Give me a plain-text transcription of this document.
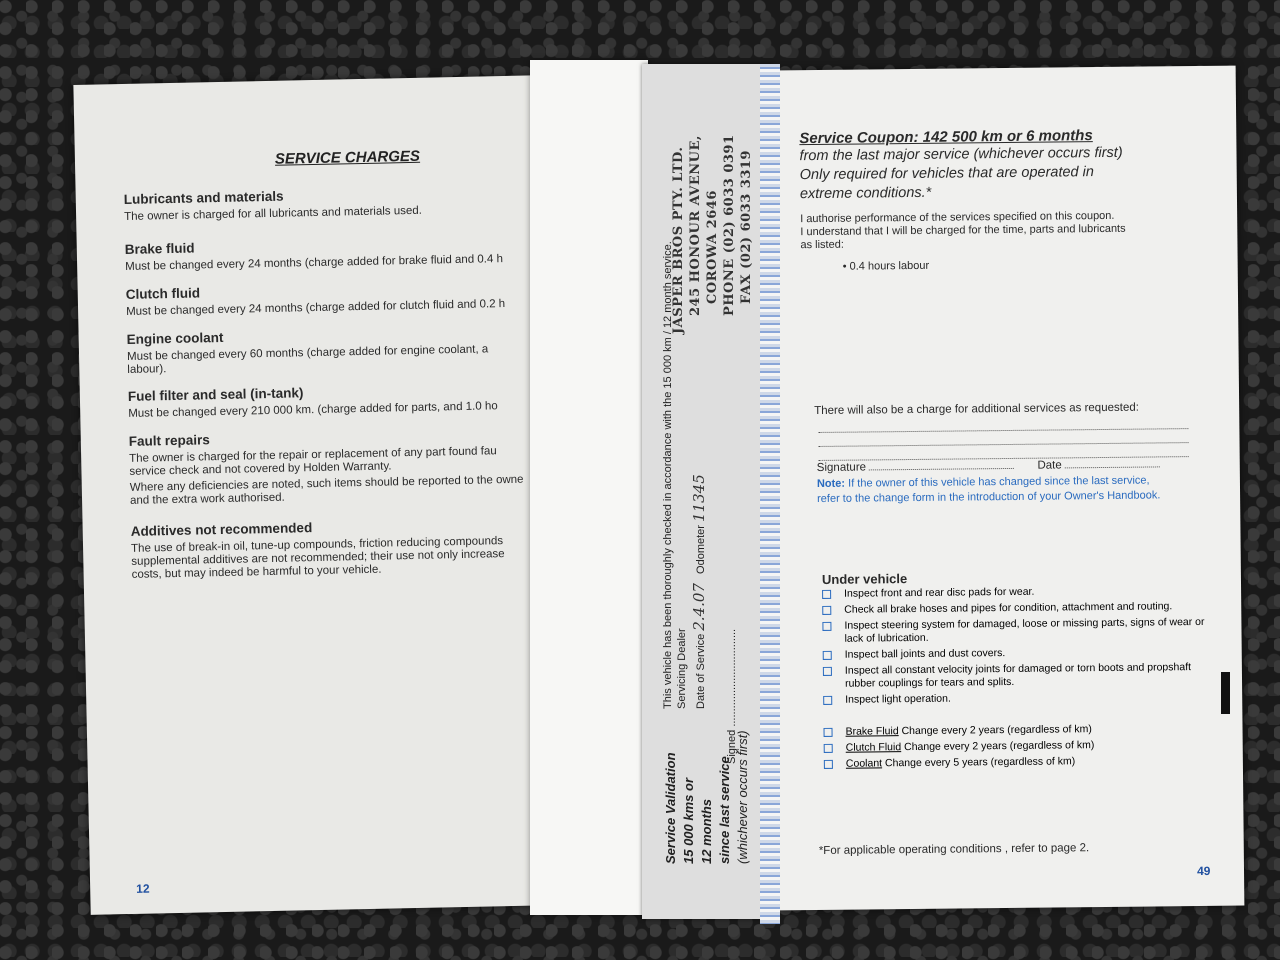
SERVICE CHARGES
Lubricants and materials

The owner is charged for all lubricants and materials used.

Brake fluid

Must be changed every 24 months (charge added for brake fluid and 0.4 h

Clutch fluid

Must be changed every 24 months (charge added for clutch fluid and 0.2 h

Engine coolant

Must be changed every 60 months (charge added for engine coolant, a
labour).

Fuel filter and seal (in-tank)

Must be changed every 210 000 km. (charge added for parts, and 1.0 ho

Fault repairs

The owner is charged for the repair or replacement of any part found fau
service check and not covered by Holden Warranty.

Where any deficiencies are noted, such items should be reported to the owne
and the extra work authorised.

Additives not recommended

The use of break-in oil, tune-up compounds, friction reducing compounds
supplemental additives are not recommended; their use not only increase
costs, but may indeed be harmful to your vehicle.

12
Service Coupon: 142 500 km or 6 months
from the last major service (whichever occurs first)
Only required for vehicles that are operated in
extreme conditions.*
I authorise performance of the services specified on this coupon.
I understand that I will be charged for the time, parts and lubricants
as listed:
• 0.4 hours labour
There will also be a charge for additional services as requested:
Signature	Date
Note: If the owner of this vehicle has changed since the last service,
refer to the change form in the introduction of your Owner's Handbook.
Under vehicle
Inspect front and rear disc pads for wear.
Check all brake hoses and pipes for condition, attachment and routing.
Inspect steering system for damaged, loose or missing parts, signs of wear or lack of lubrication.
Inspect ball joints and dust covers.
Inspect all constant velocity joints for damaged or torn boots and propshaft rubber couplings for tears and splits.
Inspect light operation.
Brake Fluid Change every 2 years (regardless of km)
Clutch Fluid Change every 2 years (regardless of km)
Coolant Change every 5 years (regardless of km)
*For applicable operating conditions , refer to page 2.
49
Service Validation 15 000 kms or 12 months since last service (whichever occurs first)
This vehicle has been thoroughly checked in accordance with the 15 000 km / 12 month service. Servicing Dealer Date of Service 2.4.07 Odometer 11345
Signed ................................
JASPER BROS PTY. LTD. 245 HONOUR AVENUE, COROWA 2646 PHONE (02) 6033 0391 FAX (02) 6033 3319
